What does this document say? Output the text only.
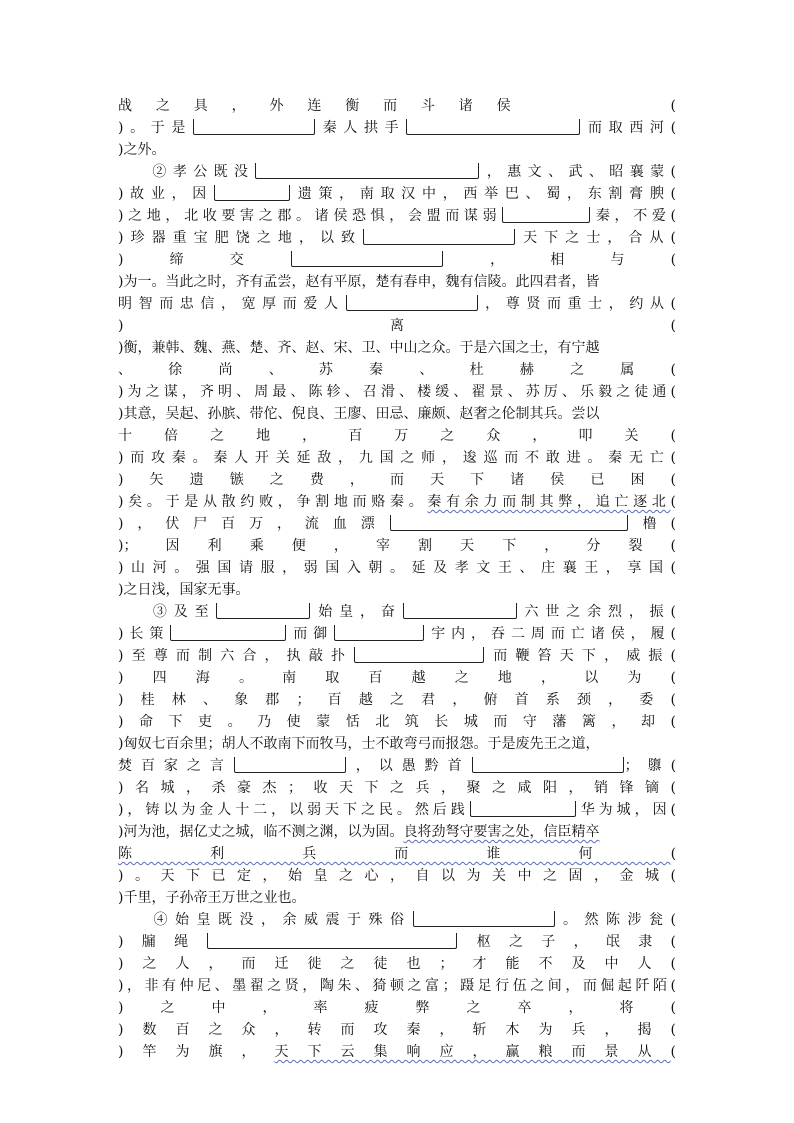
战之具，外连衡而斗诸侯	(
)。于是	秦人拱手	而取西河(
)之外。
②孝公既没	，惠文、武、昭襄蒙(
)故业，因	遗策，南取汉中，西举巴、蜀，东割膏腴(
)之地，北收要害之郡。诸侯恐惧，会盟而谋弱	秦，不爱(
)珍器重宝肥饶之地，以致	天下之士，合从(
)缔交	，相与(
)为一。当此之时，齐有孟尝，赵有平原，楚有春申，魏有信陵。此四君者，皆
明智而忠信，宽厚而爱人	，尊贤而重士，约从(
)离(
)衡，兼韩、魏、燕、楚、齐、赵、宋、卫、中山之众。于是六国之士，有宁越
、徐尚、苏秦、杜赫之属(
)为之谋，齐明、周最、陈轸、召滑、楼缓、翟景、苏厉、乐毅之徒通(
)其意，吴起、孙膑、带佗、倪良、王廖、田忌、廉颇、赵奢之伦制其兵。尝以
十倍之地，百万之众，叩关(
)而攻秦。秦人开关延敌，九国之师，逡巡而不敢进。秦无亡(
)矢遗镞之费，而天下诸侯已困(
)矣。于是从散约败，争割地而赂秦。秦有余力而制其弊，追亡逐北(
)，伏尸百万，流血漂	橹(
)；因利乘便，宰割天下，分裂(
)山河。强国请服，弱国入朝。延及孝文王、庄襄王，享国(
)之日浅，国家无事。
③及至	始皇，奋	六世之余烈，振(
)长策	而御	宇内，吞二周而亡诸侯，履(
)至尊而制六合，执敲扑	而鞭笞天下，威振(
)四海。南取百越之地，以为(
)桂林、象郡；百越之君，俯首系颈，委(
)命下吏。乃使蒙恬北筑长城而守藩篱，却(
)匈奴七百余里；胡人不敢南下而牧马，士不敢弯弓而报怨。于是废先王之道，
焚百家之言	，以愚黔首	；隳(
)名城，杀豪杰；收天下之兵，聚之咸阳，销锋镝(
)，铸以为金人十二，以弱天下之民。然后践	华为城，因(
)河为池，据亿丈之城，临不测之渊，以为固。良将劲弩守要害之处，信臣精卒
陈利兵而谁何(
)。天下已定，始皇之心，自以为关中之固，金城(
)千里，子孙帝王万世之业也。
④始皇既没，余威震于殊俗	。然陈涉瓮(
)牖绳	枢之子，氓隶(
)之人，而迁徙之徒也；才能不及中人(
)，非有仲尼、墨翟之贤，陶朱、猗顿之富；蹑足行伍之间，而倔起阡陌(
)之中，率疲弊之卒，将(
)数百之众，转而攻秦，斩木为兵，揭(
)竿为旗，天下云集响应，赢粮而景从(
